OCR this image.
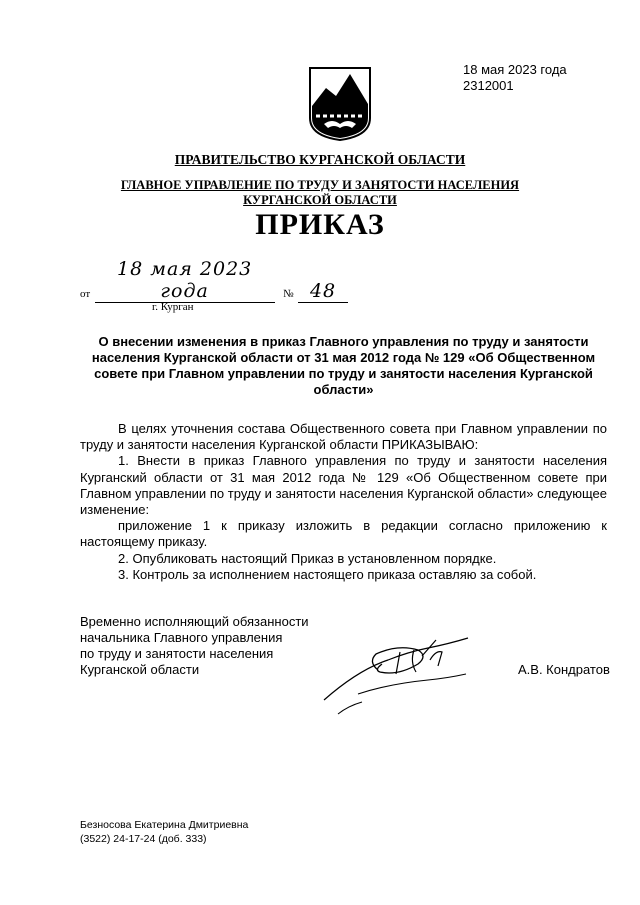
18 мая 2023 года
2312001
ПРАВИТЕЛЬСТВО КУРГАНСКОЙ ОБЛАСТИ
ГЛАВНОЕ УПРАВЛЕНИЕ ПО ТРУДУ И ЗАНЯТОСТИ НАСЕЛЕНИЯ
КУРГАНСКОЙ ОБЛАСТИ
ПРИКАЗ
от 18 мая 2023 года	№ 48
г. Курган
О внесении изменения в приказ Главного управления по труду и занятости населения Курганской области от 31 мая 2012 года № 129 «Об Общественном совете при Главном управлении по труду и занятости населения Курганской области»

В целях уточнения состава Общественного совета при Главном управлении по труду и занятости населения Курганской области ПРИКАЗЫВАЮ:

1. Внести в приказ Главного управления по труду и занятости населения Курганский области от 31 мая 2012 года № 129 «Об Общественном совете при Главном управлении по труду и занятости населения Курганской области» следующее изменение:

приложение 1 к приказу изложить в редакции согласно приложению к настоящему приказу.

2. Опубликовать настоящий Приказ в установленном порядке.

3. Контроль за исполнением настоящего приказа оставляю за собой.

Временно исполняющий обязанности
начальника Главного управления
по труду и занятости населения
Курганской области	А.В. Кондратов
Безносова Екатерина Дмитриевна
(3522) 24-17-24 (доб. 333)
